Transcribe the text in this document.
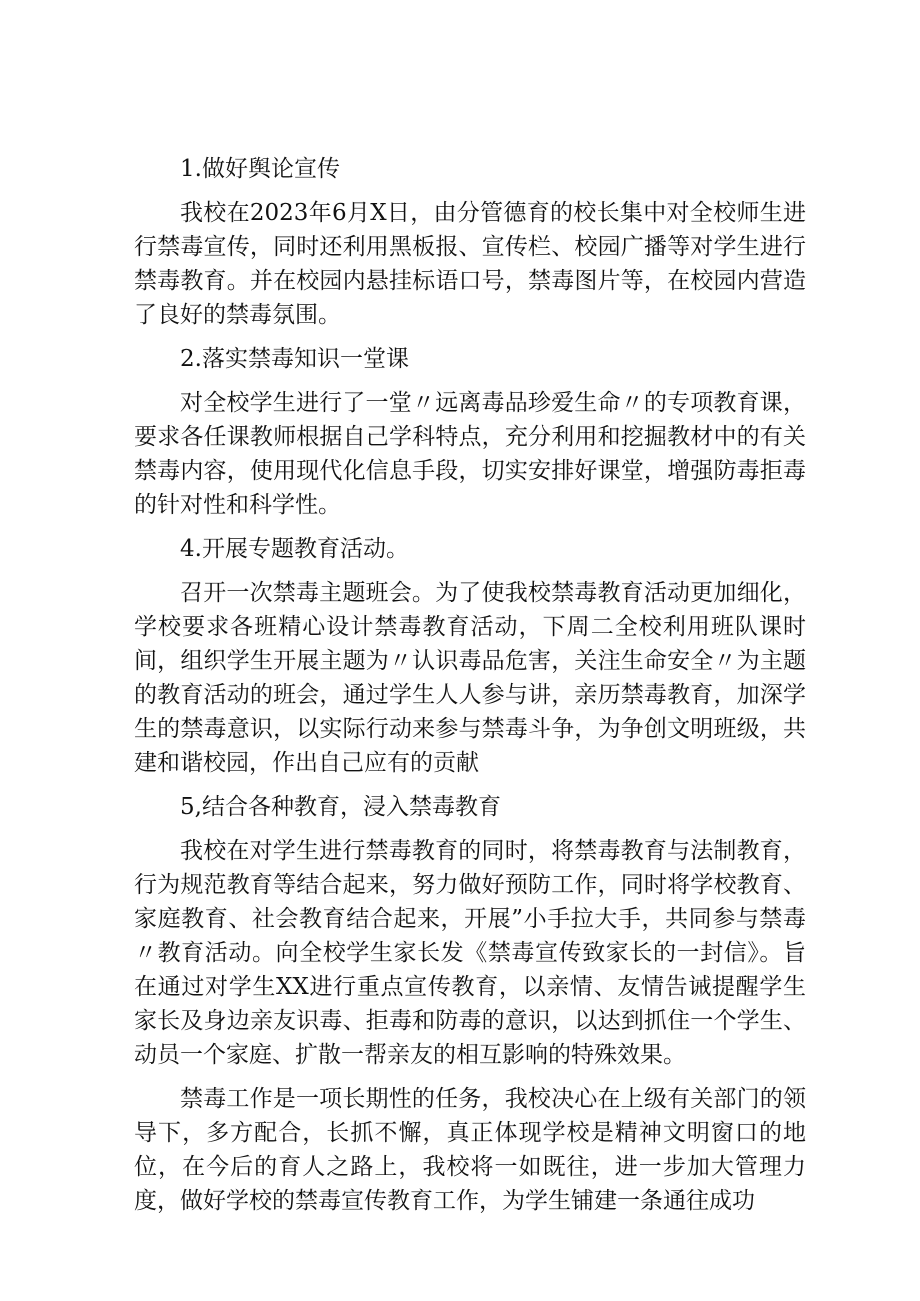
1.做好舆论宣传

我校在2023年6月X日，由分管德育的校长集中对全校师生进行禁毒宣传，同时还利用黑板报、宣传栏、校园广播等对学生进行禁毒教育。并在校园内悬挂标语口号，禁毒图片等，在校园内营造了良好的禁毒氛围。

2.落实禁毒知识一堂课

对全校学生进行了一堂〃远离毒品珍爱生命〃的专项教育课，要求各任课教师根据自己学科特点，充分利用和挖掘教材中的有关禁毒内容，使用现代化信息手段，切实安排好课堂，增强防毒拒毒的针对性和科学性。

4.开展专题教育活动。

召开一次禁毒主题班会。为了使我校禁毒教育活动更加细化，学校要求各班精心设计禁毒教育活动，下周二全校利用班队课时间，组织学生开展主题为〃认识毒品危害，关注生命安全〃为主题的教育活动的班会，通过学生人人参与讲，亲历禁毒教育，加深学生的禁毒意识，以实际行动来参与禁毒斗争，为争创文明班级，共建和谐校园，作出自己应有的贡献

5,结合各种教育，浸入禁毒教育

我校在对学生进行禁毒教育的同时，将禁毒教育与法制教育，行为规范教育等结合起来，努力做好预防工作，同时将学校教育、家庭教育、社会教育结合起来，开展”小手拉大手，共同参与禁毒〃教育活动。向全校学生家长发《禁毒宣传致家长的一封信》。旨在通过对学生XX进行重点宣传教育，以亲情、友情告诫提醒学生家长及身边亲友识毒、拒毒和防毒的意识，以达到抓住一个学生、动员一个家庭、扩散一帮亲友的相互影响的特殊效果。

禁毒工作是一项长期性的任务，我校决心在上级有关部门的领导下，多方配合，长抓不懈，真正体现学校是精神文明窗口的地位，在今后的育人之路上，我校将一如既往，进一步加大管理力度，做好学校的禁毒宣传教育工作，为学生铺建一条通往成功
